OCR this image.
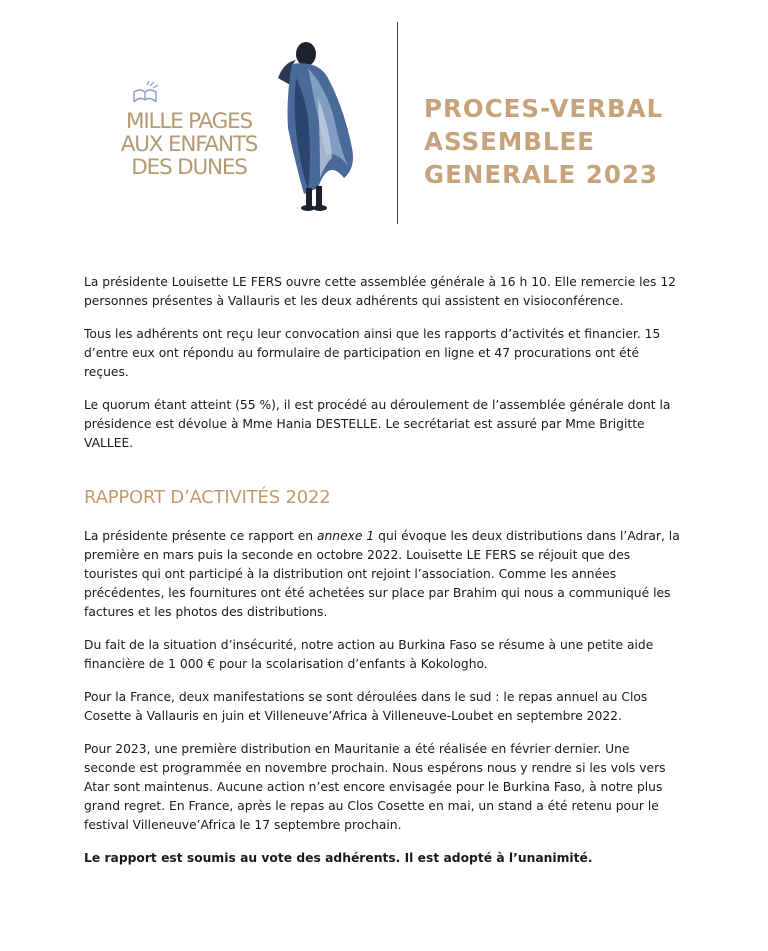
MILLE PAGES
AUX ENFANTS
DES DUNES
PROCES-VERBAL
ASSEMBLEE
GENERALE 2023

La présidente Louisette LE FERS ouvre cette assemblée générale à 16 h 10. Elle remercie les 12 personnes présentes à Vallauris et les deux adhérents qui assistent en visioconférence.

Tous les adhérents ont reçu leur convocation ainsi que les rapports d’activités et financier. 15 d’entre eux ont répondu au formulaire de participation en ligne et 47 procurations ont été reçues.

Le quorum étant atteint (55 %), il est procédé au déroulement de l’assemblée générale dont la présidence est dévolue à Mme Hania DESTELLE. Le secrétariat est assuré par Mme Brigitte VALLEE.

RAPPORT D’ACTIVITÉS 2022

La présidente présente ce rapport en annexe 1 qui évoque les deux distributions dans l’Adrar, la première en mars puis la seconde en octobre 2022. Louisette LE FERS se réjouit que des touristes qui ont participé à la distribution ont rejoint l’association. Comme les années précédentes, les fournitures ont été achetées sur place par Brahim qui nous a communiqué les factures et les photos des distributions.

Du fait de la situation d’insécurité, notre action au Burkina Faso se résume à une petite aide financière de 1 000 € pour la scolarisation d’enfants à Kokologho.

Pour la France, deux manifestations se sont déroulées dans le sud : le repas annuel au Clos Cosette à Vallauris en juin et Villeneuve’Africa à Villeneuve-Loubet en septembre 2022.

Pour 2023, une première distribution en Mauritanie a été réalisée en février dernier. Une seconde est programmée en novembre prochain. Nous espérons nous y rendre si les vols vers Atar sont maintenus. Aucune action n’est encore envisagée pour le Burkina Faso, à notre plus grand regret. En France, après le repas au Clos Cosette en mai, un stand a été retenu pour le festival Villeneuve’Africa le 17 septembre prochain.

Le rapport est soumis au vote des adhérents. Il est adopté à l’unanimité.
